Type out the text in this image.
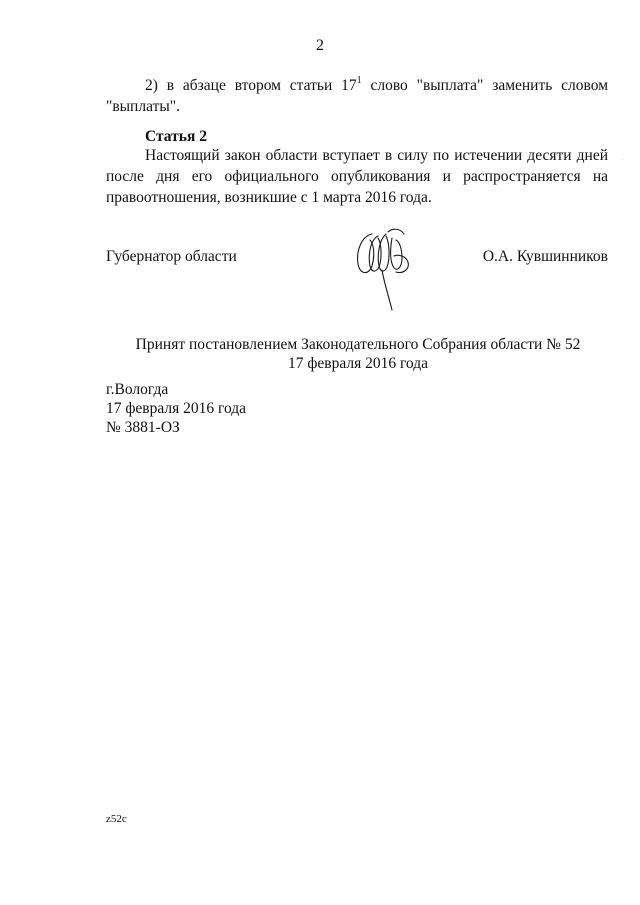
2
2) в абзаце втором статьи $17^1$ слово "выплата" заменить словом "выплаты".
Статья 2
Настоящий закон области вступает в силу по истечении десяти дней после дня его официального опубликования и распространяется на правоотношения, возникшие с 1 марта 2016 года.
Губернатор области	О.А. Кувшинников
Принят постановлением Законодательного Собрания области № 52
17 февраля 2016 года
г.Вологда
17 февраля 2016 года
№ 3881-ОЗ
z52c
·
